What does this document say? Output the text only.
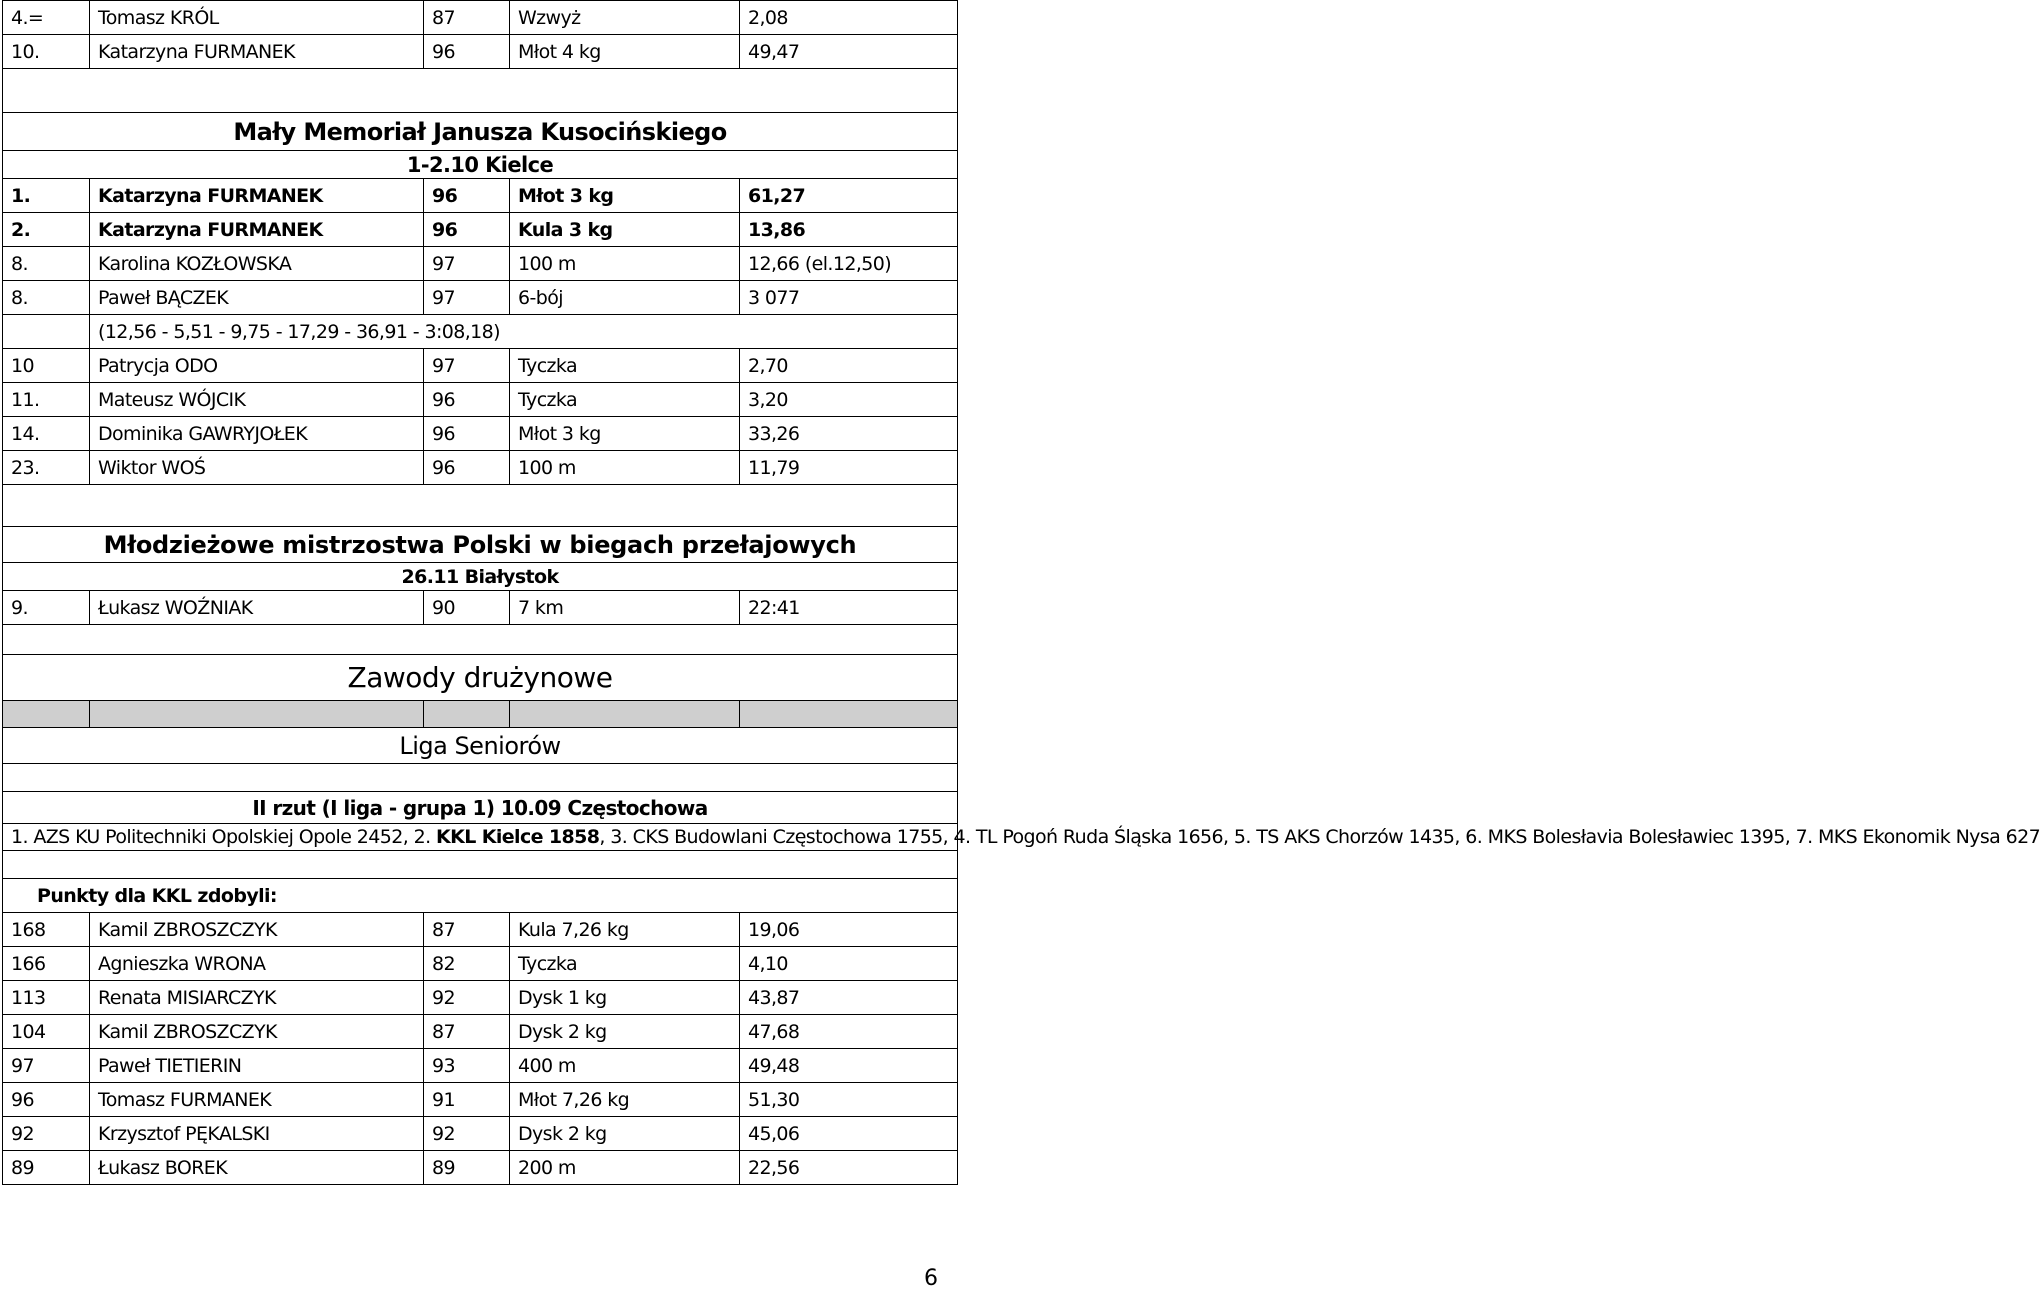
4.=	Tomasz KRÓL	87	Wzwyż	2,08
10.	Katarzyna FURMANEK	96	Młot 4 kg	49,47

Mały Memoriał Janusza Kusocińskiego				
1-2.10 Kielce				
1.	Katarzyna FURMANEK	96	Młot 3 kg	61,27
2.	Katarzyna FURMANEK	96	Kula 3 kg	13,86
8.	Karolina KOZŁOWSKA	97	100 m	12,66 (el.12,50)
8.	Paweł BĄCZEK	97	6-bój	3 077
	(12,56 - 5,51 - 9,75 - 17,29 - 36,91 - 3:08,18)			
10	Patrycja ODO	97	Tyczka	2,70
11.	Mateusz WÓJCIK	96	Tyczka	3,20
14.	Dominika GAWRYJOŁEK	96	Młot 3 kg	33,26
23.	Wiktor WOŚ	96	100 m	11,79

Młodzieżowe mistrzostwa Polski w biegach przełajowych				
26.11 Białystok				
9.	Łukasz WOŹNIAK	90	7 km	22:41

Zawody drużynowe				

Liga Seniorów				

II rzut (I liga - grupa 1) 10.09 Częstochowa				
1. AZS KU Politechniki Opolskiej Opole 2452, 2. KKL Kielce 1858, 3. CKS Budowlani Częstochowa 1755, 4. TL Pogoń Ruda Śląska 1656, 5. TS AKS Chorzów 1435, 6. MKS Bolesłavia Bolesławiec 1395, 7. MKS Ekonomik Nysa 627				

Punkty dla KKL zdobyli:				
168	Kamil ZBROSZCZYK	87	Kula 7,26 kg	19,06
166	Agnieszka WRONA	82	Tyczka	4,10
113	Renata MISIARCZYK	92	Dysk 1 kg	43,87
104	Kamil ZBROSZCZYK	87	Dysk 2 kg	47,68
97	Paweł TIETIERIN	93	400 m	49,48
96	Tomasz FURMANEK	91	Młot 7,26 kg	51,30
92	Krzysztof PĘKALSKI	92	Dysk 2 kg	45,06
89	Łukasz BOREK	89	200 m	22,56
6
